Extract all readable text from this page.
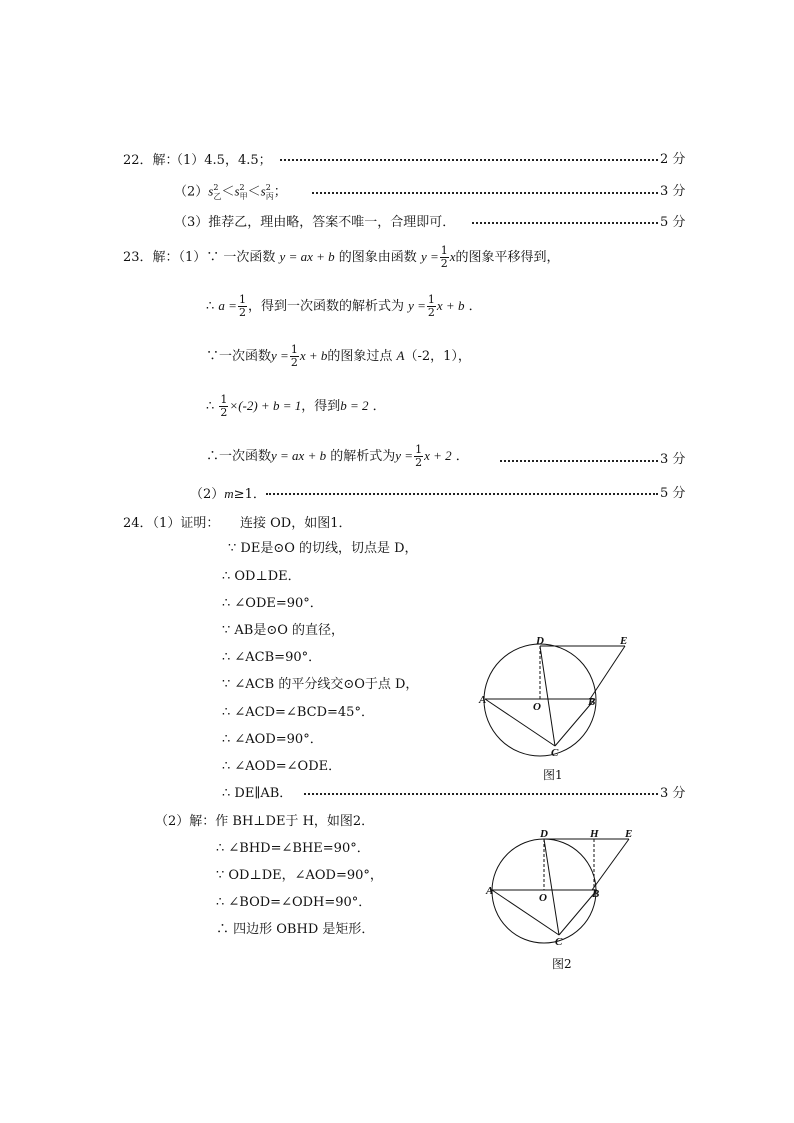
22．解：
（1）4.5，4.5；	2 分
$(2)s^2_乙<s^2_甲<s^2_丙$；	3 分
（3）推荐乙，理由略，答案不唯一，合理即可．	5 分
23．解：
（1）∵ 一次函数 y = ax + b 的图象由函数 $y = \frac{1}{2}$ x的图象平移得到，
∴ $a = \frac{1}{2}$ ，得到一次函数的解析式为 $y = \frac{1}{2}$ x + b ．
∵一次函数$y = \frac{1}{2}$ x + b的图象过点 A（-2，1），
∴ $\frac{1}{2} \times(-2) + b = 1$，得到b = 2 ．
∴一次函数y = ax + b 的解析式为$y = \frac{1}{2}$ x + 2 ．	3 分
（2）m≥1．	5 分
24．（1）证明： 连接 OD，如图1．
∵ DE是⊙O 的切线，切点是 D，
∴ OD⊥DE．
∴ ∠ODE=90°．
∵ AB是⊙O 的直径，
∴ ∠ACB=90°．
∵ ∠ACB 的平分线交⊙O于点 D，
∴ ∠ACD=∠BCD=45°．
∴ ∠AOD=90°．
∴ ∠AOD=∠ODE．
∴ DE∥AB．	3 分
（2）解：作 BH⊥DE于 H，如图2．
∴ ∠BHD=∠BHE=90°．
∵ OD⊥DE，∠AOD=90°，
∴ ∠BOD=∠ODH=90°．
∴ 四边形 OBHD 是矩形．
D	E
A
O	B
C
图1
D	H E
A
O	B
C
图2
